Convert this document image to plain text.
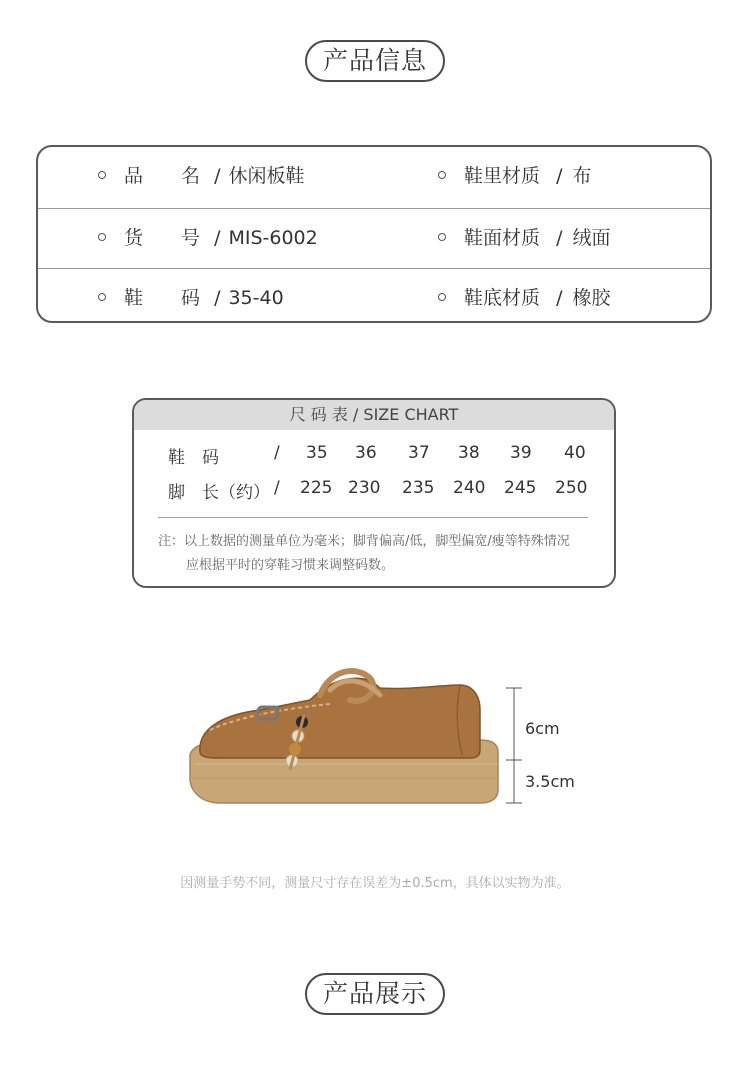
产品信息
品　　名 / 休闲板鞋	鞋里材质 / 布
货　　号 / MIS-6002	鞋面材质 / 绒面
鞋　　码 / 35-40	鞋底材质 / 橡胶
尺 码 表 / SIZE CHART
鞋　码	/ 35 36 37 38 39 40
脚　长（约） / 225 230 235 240 245 250
注：以上数据的测量单位为毫米；脚背偏高/低，脚型偏宽/瘦等特殊情况
应根据平时的穿鞋习惯来调整码数。
6cm
3.5cm
因测量手势不同，测量尺寸存在误差为±0.5cm，具体以实物为准。
产品展示
